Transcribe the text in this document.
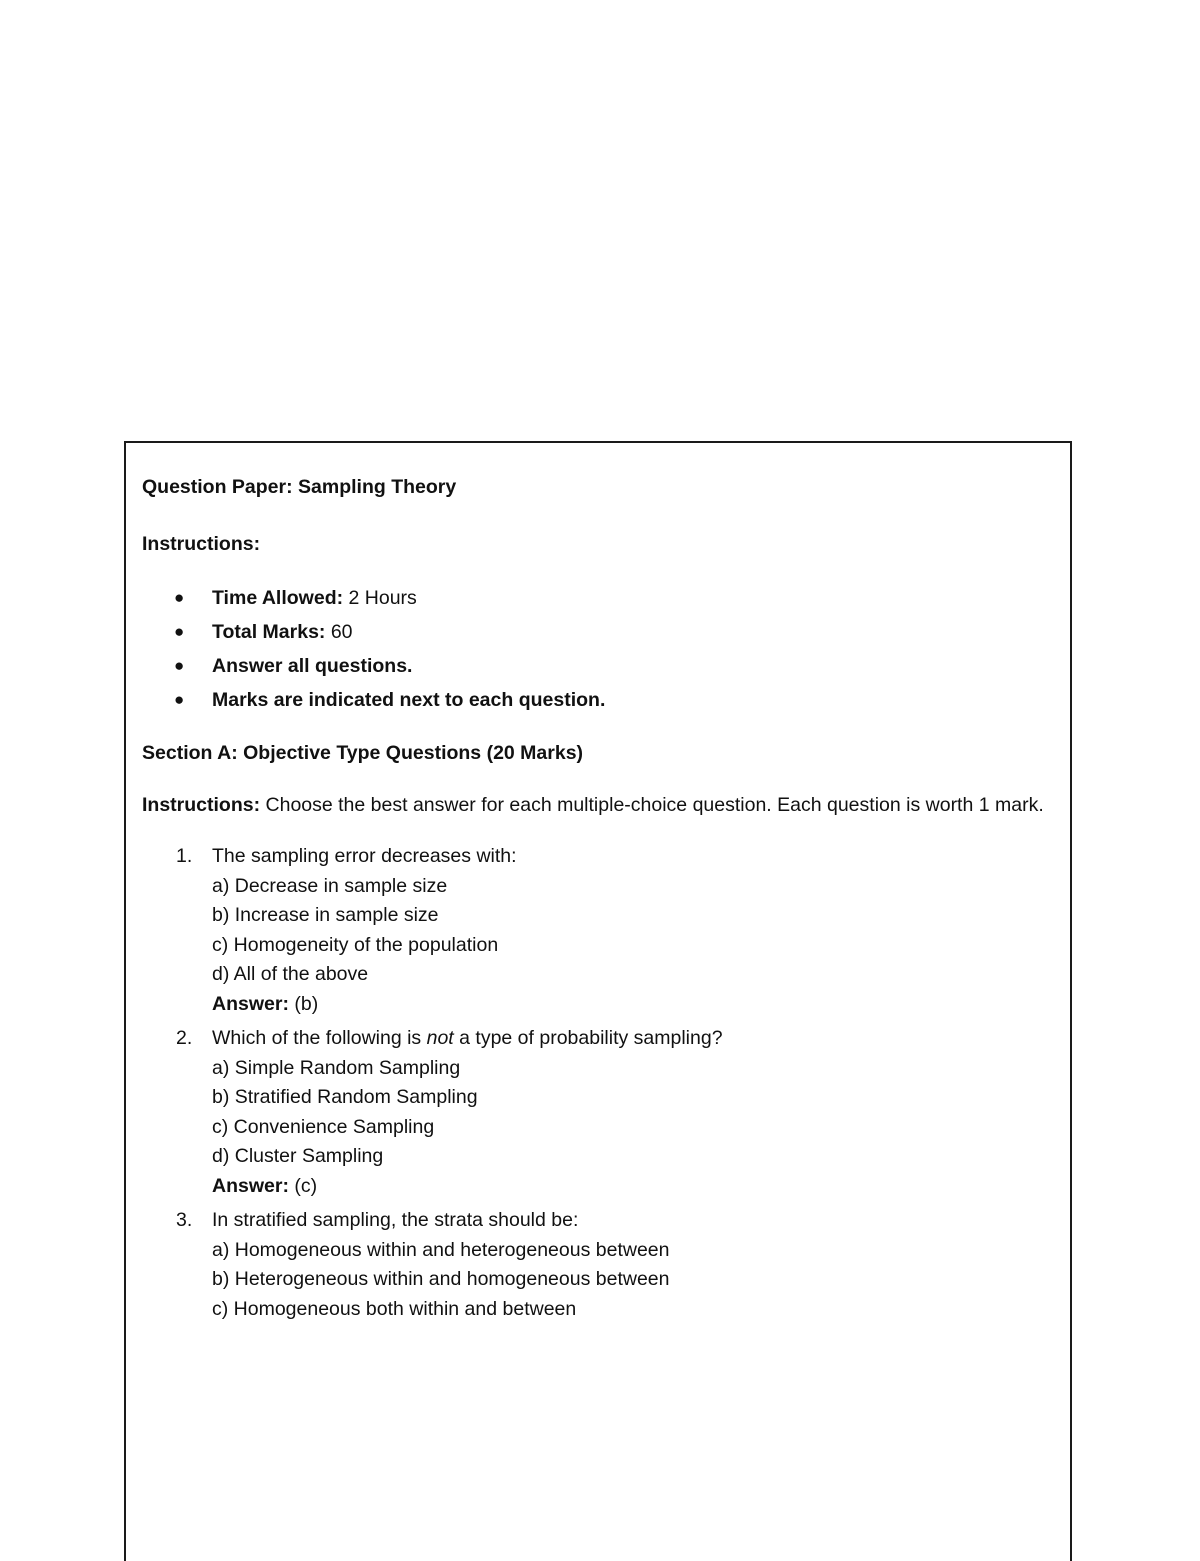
Question Paper: Sampling Theory

Instructions:

● Time Allowed: 2 Hours
● Total Marks: 60
● Answer all questions.
● Marks are indicated next to each question.

Section A: Objective Type Questions (20 Marks)

Instructions: Choose the best answer for each multiple-choice question. Each question is worth 1 mark.

1. The sampling error decreases with:
a) Decrease in sample size
b) Increase in sample size
c) Homogeneity of the population
d) All of the above
Answer: (b)
2. Which of the following is not a type of probability sampling?
a) Simple Random Sampling
b) Stratified Random Sampling
c) Convenience Sampling
d) Cluster Sampling
Answer: (c)
3. In stratified sampling, the strata should be:
a) Homogeneous within and heterogeneous between
b) Heterogeneous within and homogeneous between
c) Homogeneous both within and between
